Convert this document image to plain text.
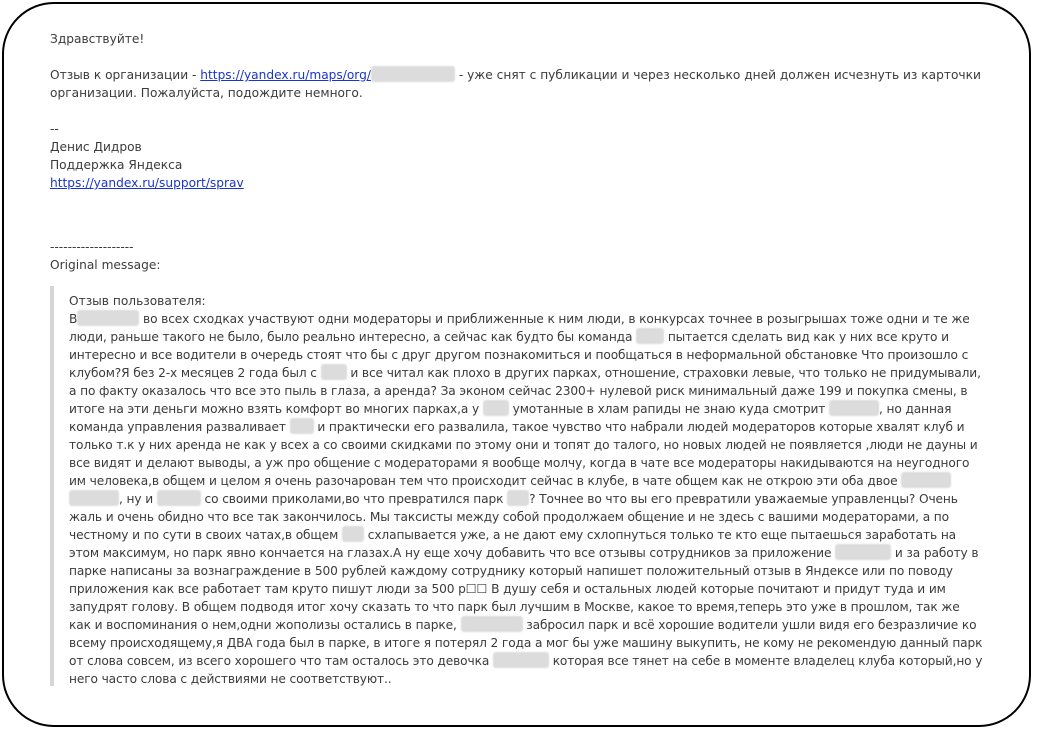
Здравствуйте!
Отзыв к организации - https://yandex.ru/maps/org/	- уже снят с публикации и через несколько дней должен исчезнуть из карточки организации. Пожалуйста, подождите немного.
--
Денис Дидров
Поддержка Яндекса
https://yandex.ru/support/sprav
-------------------
Original message:
Отзыв пользователя:

В	во всех сходках участвуют одни модераторы и приближенные к ним люди, в конкурсах точнее в розыгрышах тоже одни и те же люди, раньше такого не было, было реально интересно, а сейчас как будто бы команда  пытается сделать вид как у них все круто и интересно и все водители в очередь стоят что бы с друг другом познакомиться и пообщаться в неформальной обстановке Что произошло с клубом?Я без 2-х месяцев 2 года был с  и все читал как плохо в других парках, отношение, страховки левые, что только не придумывали, а по факту оказалось что все это пыль в глаза, а аренда? За эконом сейчас 2300+ нулевой риск минимальный даже 199 и покупка смены, в итоге на эти деньги можно взять комфорт во многих парках,а у  умотанные в хлам рапиды не знаю куда смотрит	, но данная команда управления разваливает  и практически его развалила, такое чувство что набрали людей модераторов которые хвалят клуб и только т.к у них аренда не как у всех а со своими скидками по этому они и топят до талого, но новых людей не появляется ,люди не дауны и все видят и делают выводы, а уж про общение с модераторами я вообще молчу, когда в чате все модераторы накидываются на неугодного им человека,в общем и целом я очень разочарован тем что происходит сейчас в клубе, в чате общем как не открою эти оба двое , ну и	со своими приколами,во что превратился парк ? Точнее во что вы его превратили уважаемые управленцы? Очень жаль и очень обидно что все так закончилось. Мы таксисты между собой продолжаем общение и не здесь с вашими модераторами, а по честному и по сути в своих чатах,в общем  схлапывается уже, а не дают ему схлопнуться только те кто еще пытаешься заработать на этом максимум, но парк явно кончается на глазах.А ну еще хочу добавить что все отзывы сотрудников за приложение	и за работу в парке написаны за вознаграждение в 500 рублей каждому сотруднику который напишет положительный отзыв в Яндексе или по поводу приложения как все работает там круто пишут люди за 500 р☐☐ В душу себя и остальных людей которые почитают и придут туда и им запудрят голову. В общем подводя итог хочу сказать то что парк был лучшим в Москве, какое то время,теперь это уже в прошлом, так же как и воспоминания о нем,одни жополизы остались в парке,	забросил парк и всё хорошие водители ушли видя его безразличие ко всему происходящему,я ДВА года был в парке, в итоге я потерял 2 года а мог бы уже машину выкупить, не кому не рекомендую данный парк от слова совсем, из всего хорошего что там осталось это девочка	которая все тянет на себе в моменте владелец клуба который,но у него часто слова с действиями не соответствуют..
